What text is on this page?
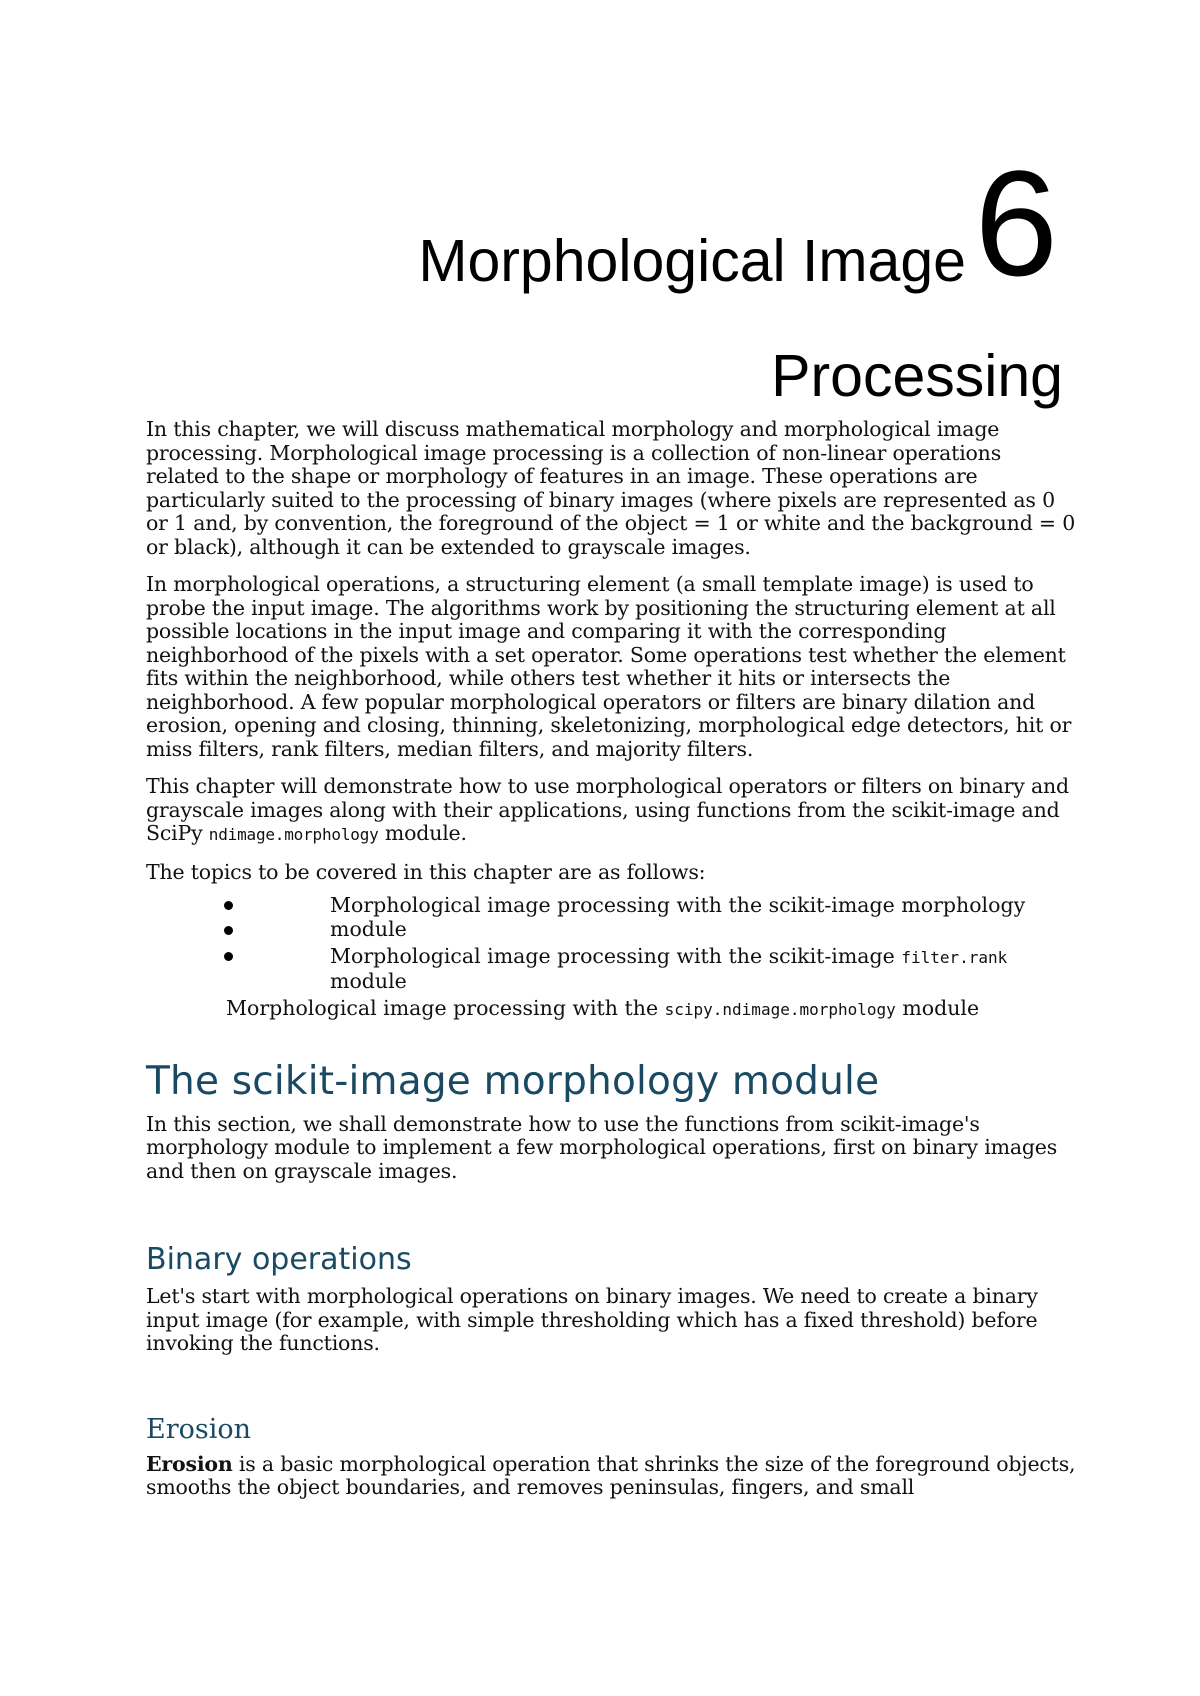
6
Morphological Image
Processing

In this chapter, we will discuss mathematical morphology and morphological image processing. Morphological image processing is a collection of non-linear operations related to the shape or morphology of features in an image. These operations are particularly suited to the processing of binary images (where pixels are represented as 0 or 1 and, by convention, the foreground of the object = 1 or white and the background = 0 or black), although it can be extended to grayscale images.

In morphological operations, a structuring element (a small template image) is used to probe the input image. The algorithms work by positioning the structuring element at all possible locations in the input image and comparing it with the corresponding neighborhood of the pixels with a set operator. Some operations test whether the element fits within the neighborhood, while others test whether it hits or intersects the neighborhood. A few popular morphological operators or filters are binary dilation and erosion, opening and closing, thinning, skeletonizing, morphological edge detectors, hit or miss filters, rank filters, median filters, and majority filters.

This chapter will demonstrate how to use morphological operators or filters on binary and grayscale images along with their applications, using functions from the scikit-image and SciPy ndimage.morphology module.

The topics to be covered in this chapter are as follows:

Morphological image processing with the scikit-image morphology module
Morphological image processing with the scikit-image filter.rank module
Morphological image processing with the scipy.ndimage.morphology module
The scikit-image morphology module

In this section, we shall demonstrate how to use the functions from scikit-image's morphology module to implement a few morphological operations, first on binary images and then on grayscale images.

Binary operations

Let's start with morphological operations on binary images. We need to create a binary input image (for example, with simple thresholding which has a fixed threshold) before invoking the functions.

Erosion

Erosion is a basic morphological operation that shrinks the size of the foreground objects, smooths the object boundaries, and removes peninsulas, fingers, and small
